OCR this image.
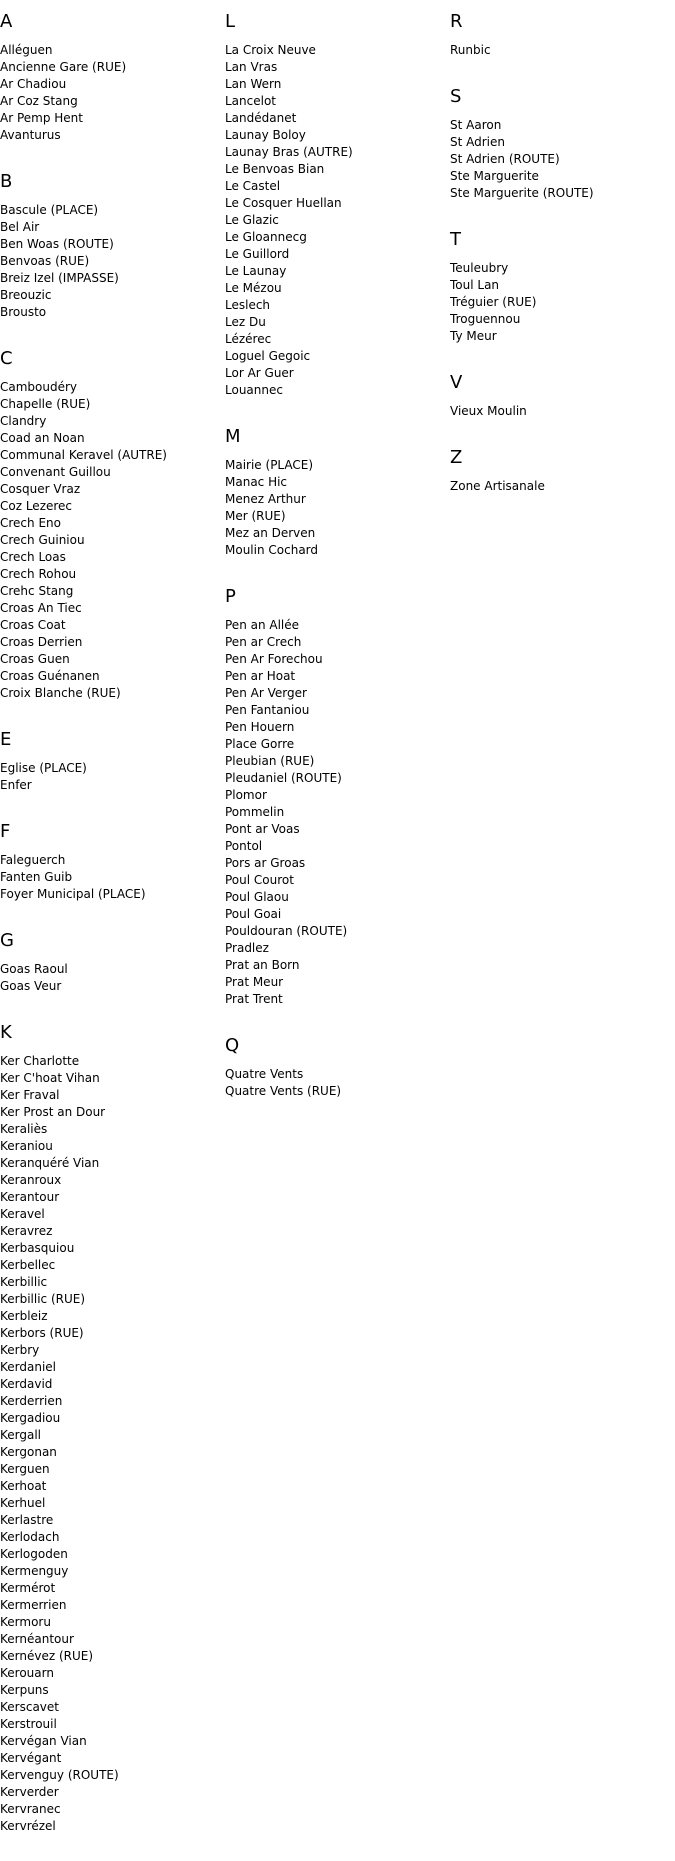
A
Alléguen
Ancienne Gare (RUE)
Ar Chadiou
Ar Coz Stang
Ar Pemp Hent
Avanturus
B
Bascule (PLACE)
Bel Air
Ben Woas (ROUTE)
Benvoas (RUE)
Breiz Izel (IMPASSE)
Breouzic
Brousto
C
Camboudéry
Chapelle (RUE)
Clandry
Coad an Noan
Communal Keravel (AUTRE)
Convenant Guillou
Cosquer Vraz
Coz Lezerec
Crech Eno
Crech Guiniou
Crech Loas
Crech Rohou
Crehc Stang
Croas An Tiec
Croas Coat
Croas Derrien
Croas Guen
Croas Guénanen
Croix Blanche (RUE)
E
Eglise (PLACE)
Enfer
F
Faleguerch
Fanten Guib
Foyer Municipal (PLACE)
G
Goas Raoul
Goas Veur
K
Ker Charlotte
Ker C'hoat Vihan
Ker Fraval
Ker Prost an Dour
Keraliès
Keraniou
Keranquéré Vian
Keranroux
Kerantour
Keravel
Keravrez
Kerbasquiou
Kerbellec
Kerbillic
Kerbillic (RUE)
Kerbleiz
Kerbors (RUE)
Kerbry
Kerdaniel
Kerdavid
Kerderrien
Kergadiou
Kergall
Kergonan
Kerguen
Kerhoat
Kerhuel
Kerlastre
Kerlodach
Kerlogoden
Kermenguy
Kermérot
Kermerrien
Kermoru
Kernéantour
Kernévez (RUE)
Kerouarn
Kerpuns
Kerscavet
Kerstrouil
Kervégan Vian
Kervégant
Kervenguy (ROUTE)
Kerverder
Kervranec
Kervrézel
L
La Croix Neuve
Lan Vras
Lan Wern
Lancelot
Landédanet
Launay Boloy
Launay Bras (AUTRE)
Le Benvoas Bian
Le Castel
Le Cosquer Huellan
Le Glazic
Le Gloannecg
Le Guillord
Le Launay
Le Mézou
Leslech
Lez Du
Lézérec
Loguel Gegoic
Lor Ar Guer
Louannec
M
Mairie (PLACE)
Manac Hic
Menez Arthur
Mer (RUE)
Mez an Derven
Moulin Cochard
P
Pen an Allée
Pen ar Crech
Pen Ar Forechou
Pen ar Hoat
Pen Ar Verger
Pen Fantaniou
Pen Houern
Place Gorre
Pleubian (RUE)
Pleudaniel (ROUTE)
Plomor
Pommelin
Pont ar Voas
Pontol
Pors ar Groas
Poul Courot
Poul Glaou
Poul Goai
Pouldouran (ROUTE)
Pradlez
Prat an Born
Prat Meur
Prat Trent
Q
Quatre Vents
Quatre Vents (RUE)
R
Runbic
S
St Aaron
St Adrien
St Adrien (ROUTE)
Ste Marguerite
Ste Marguerite (ROUTE)
T
Teuleubry
Toul Lan
Tréguier (RUE)
Troguennou
Ty Meur
V
Vieux Moulin
Z
Zone Artisanale
